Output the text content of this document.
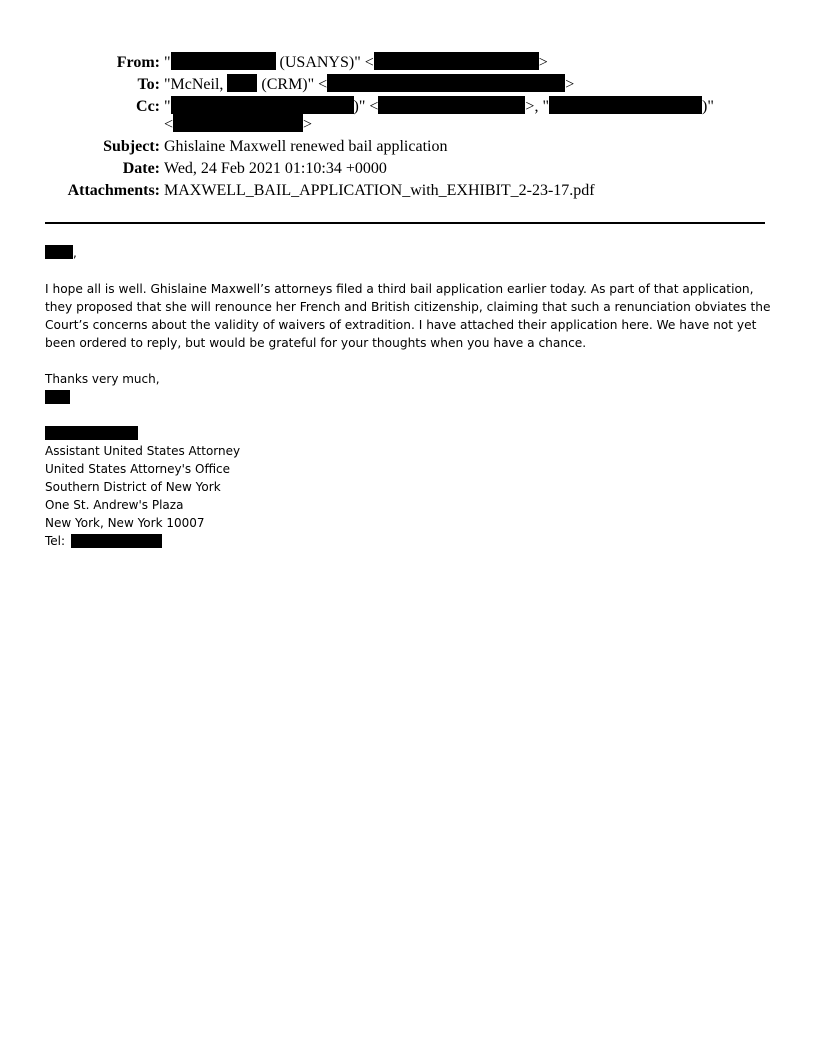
From: "	(USANYS)" <	>
To: "McNeil,  (CRM)" <	>
Cc: "	)" <	>, "	)"
<	>
Subject: Ghislaine Maxwell renewed bail application
Date: Wed, 24 Feb 2021 01:10:34 +0000
Attachments: MAXWELL_BAIL_APPLICATION_with_EXHIBIT_2-23-17.pdf
,
I hope all is well. Ghislaine Maxwell’s attorneys filed a third bail application earlier today. As part of that application, they proposed that she will renounce her French and British citizenship, claiming that such a renunciation obviates the Court’s concerns about the validity of waivers of extradition. I have attached their application here. We have not yet been ordered to reply, but would be grateful for your thoughts when you have a chance.
Thanks very much,
Assistant United States Attorney
United States Attorney's Office
Southern District of New York
One St. Andrew's Plaza
New York, New York 10007
Tel:
